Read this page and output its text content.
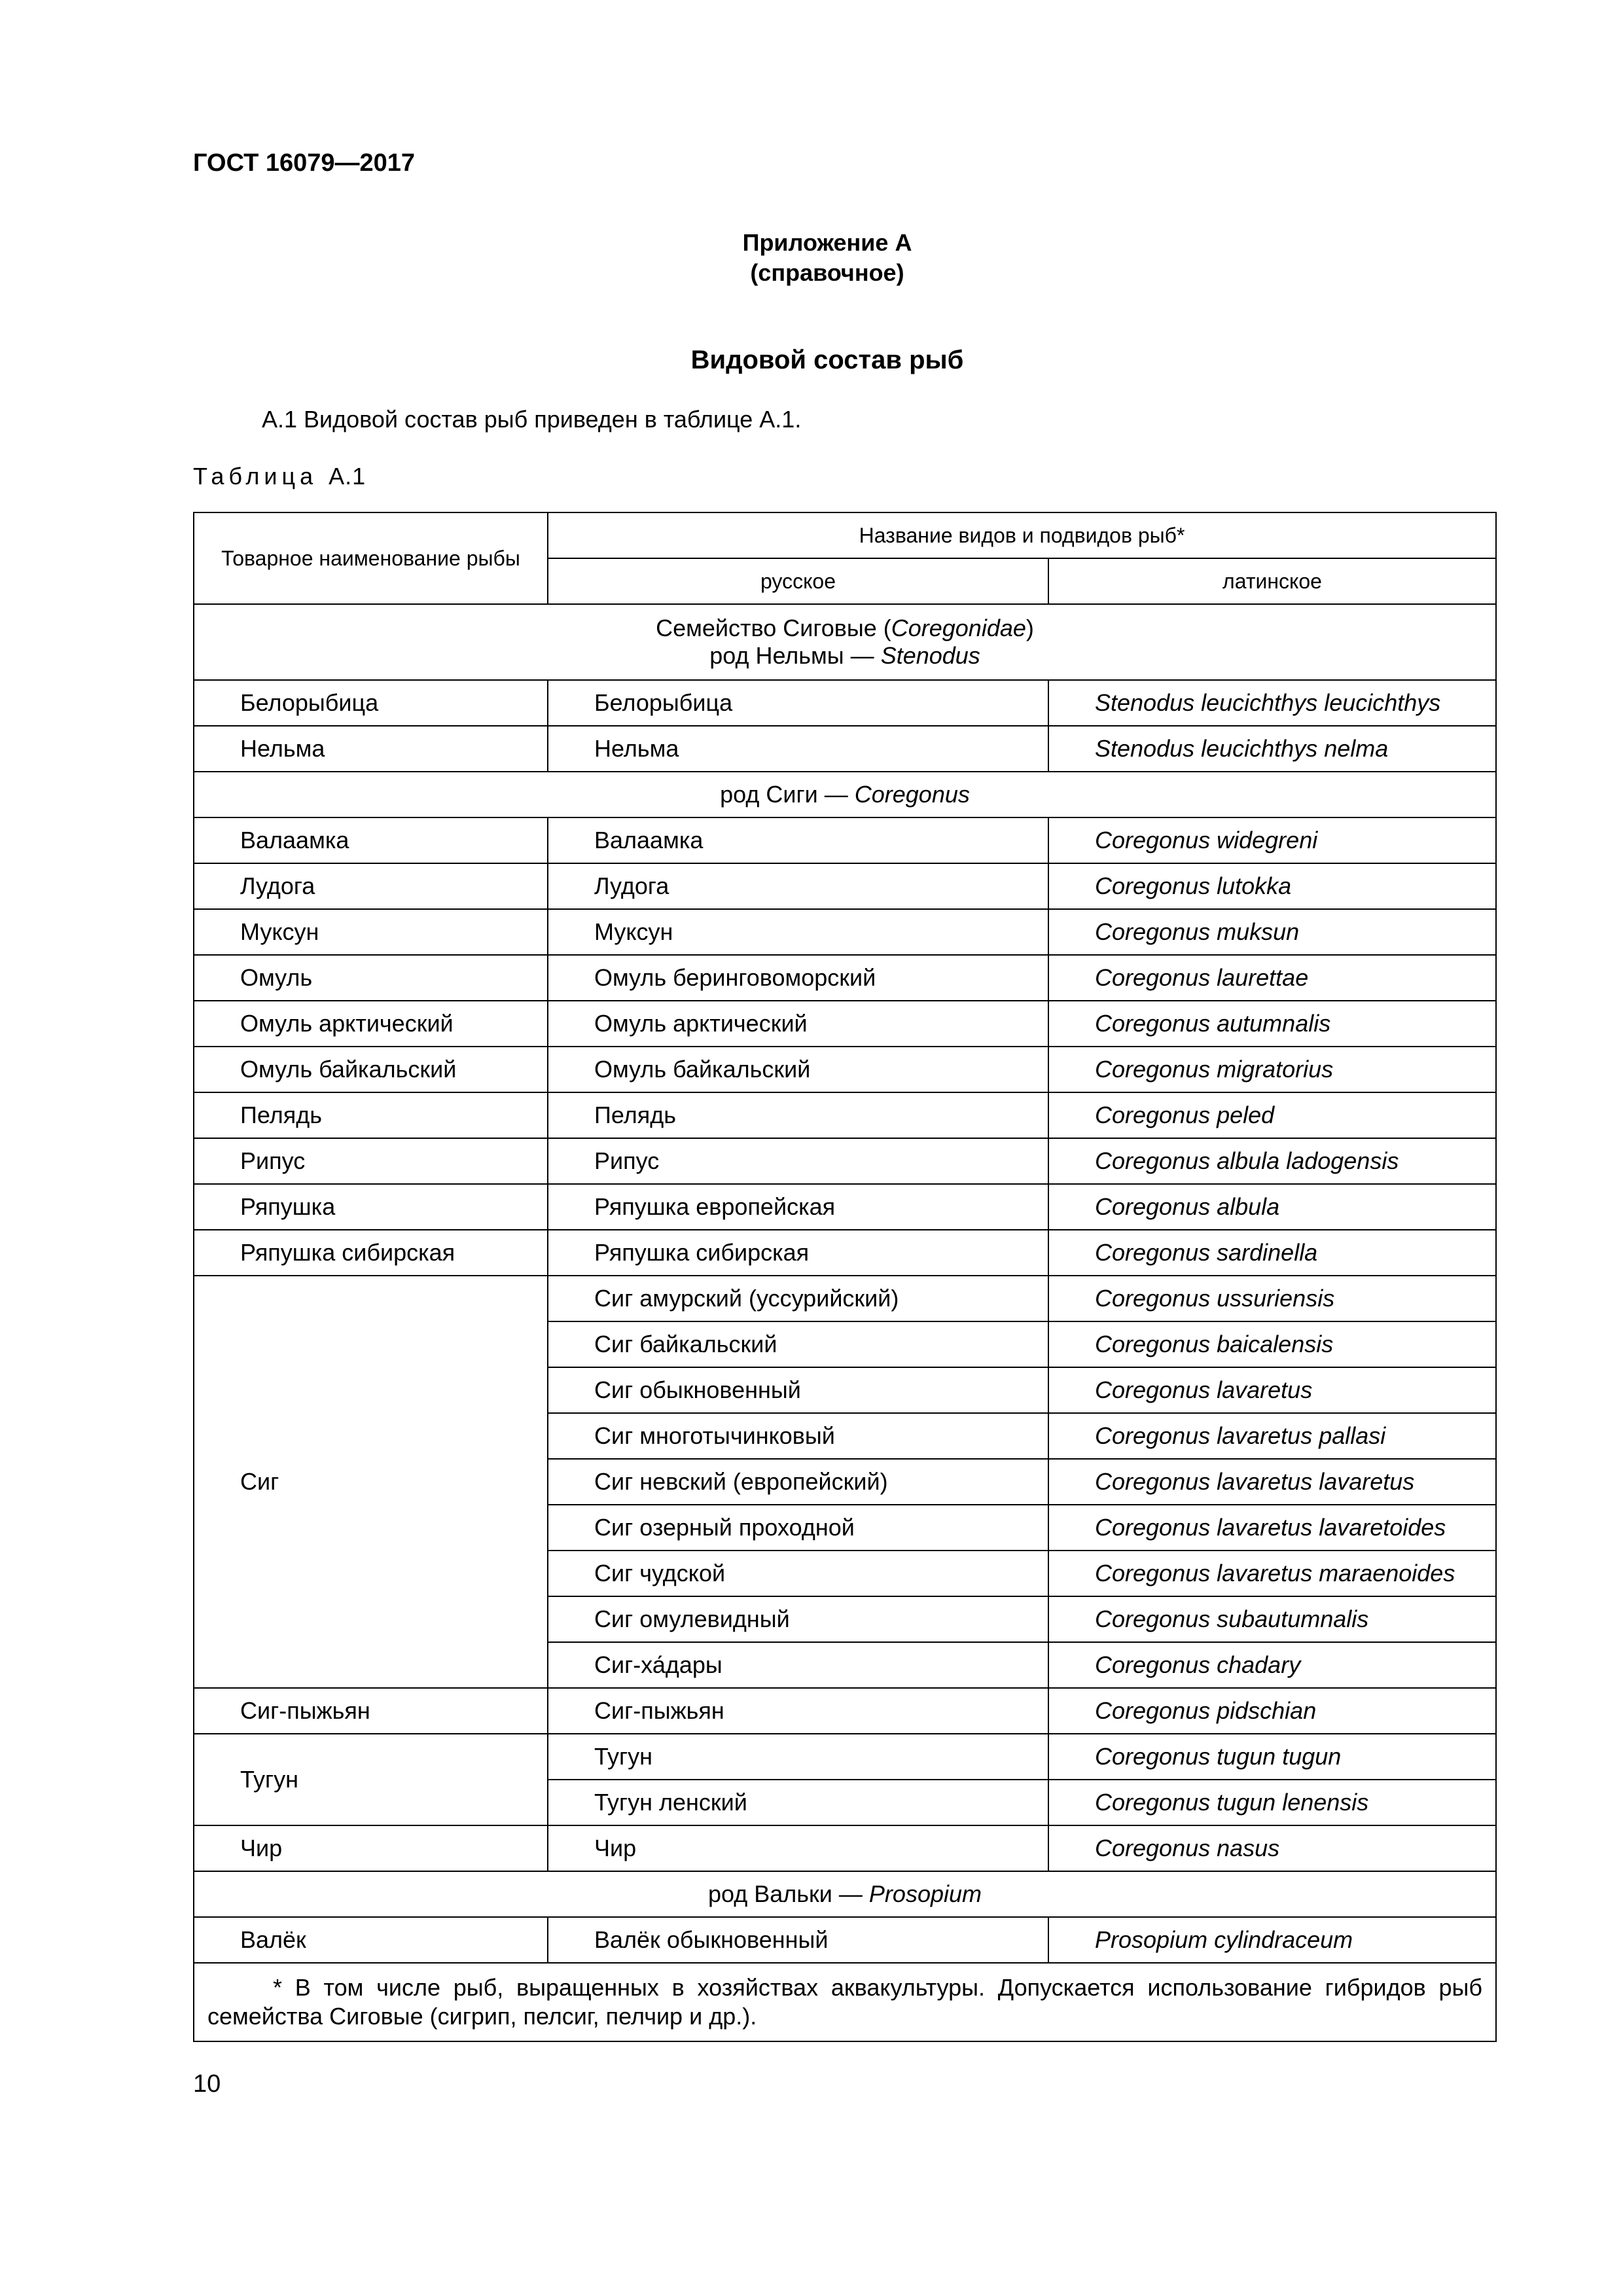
ГОСТ 16079—2017
Приложение А
(справочное)
Видовой состав рыб
А.1 Видовой состав рыб приведен в таблице А.1.
Таблица А.1
Товарное наименование рыбы	Название видов и подвидов рыб*	
	русское	латинское

Семейство Сиговые (Coregonidae)
род Нельмы — Stenodus		

Белорыбица	Белорыбица	Stenodus leucichthys leucichthys
Нельма	Нельма	Stenodus leucichthys nelma
род Сиги — Coregonus		
Валаамка	Валаамка	Coregonus widegreni
Лудога	Лудога	Coregonus lutokka
Муксун	Муксун	Coregonus muksun
Омуль	Омуль беринговоморский	Coregonus laurettae
Омуль арктический	Омуль арктический	Coregonus autumnalis
Омуль байкальский	Омуль байкальский	Coregonus migratorius
Пелядь	Пелядь	Coregonus peled
Рипус	Рипус	Coregonus albula ladogensis
Ряпушка	Ряпушка европейская	Coregonus albula
Ряпушка сибирская	Ряпушка сибирская	Coregonus sardinella
Сиг	Сиг амурский (уссурийский)	Coregonus ussuriensis
	Сиг байкальский	Coregonus baicalensis
	Сиг обыкновенный	Coregonus lavaretus
	Сиг многотычинковый	Coregonus lavaretus pallasi
	Сиг невский (европейский)	Coregonus lavaretus lavaretus
	Сиг озерный проходной	Coregonus lavaretus lavaretoides
	Сиг чудской	Coregonus lavaretus maraenoides
	Сиг омулевидный	Coregonus subautumnalis
	Сиг-ха́дары	Coregonus chadary
Сиг-пыжьян	Сиг-пыжьян	Coregonus pidschian
Тугун	Тугун	Coregonus tugun tugun
	Тугун ленский	Coregonus tugun lenensis
Чир	Чир	Coregonus nasus
род Вальки — Prosopium		
Валёк	Валёк обыкновенный	Prosopium cylindraceum
* В том числе рыб, выращенных в хозяйствах аквакультуры. Допускается использование гибридов рыб семейства Сиговые (сигрип, пелсиг, пелчир и др.).		
10
